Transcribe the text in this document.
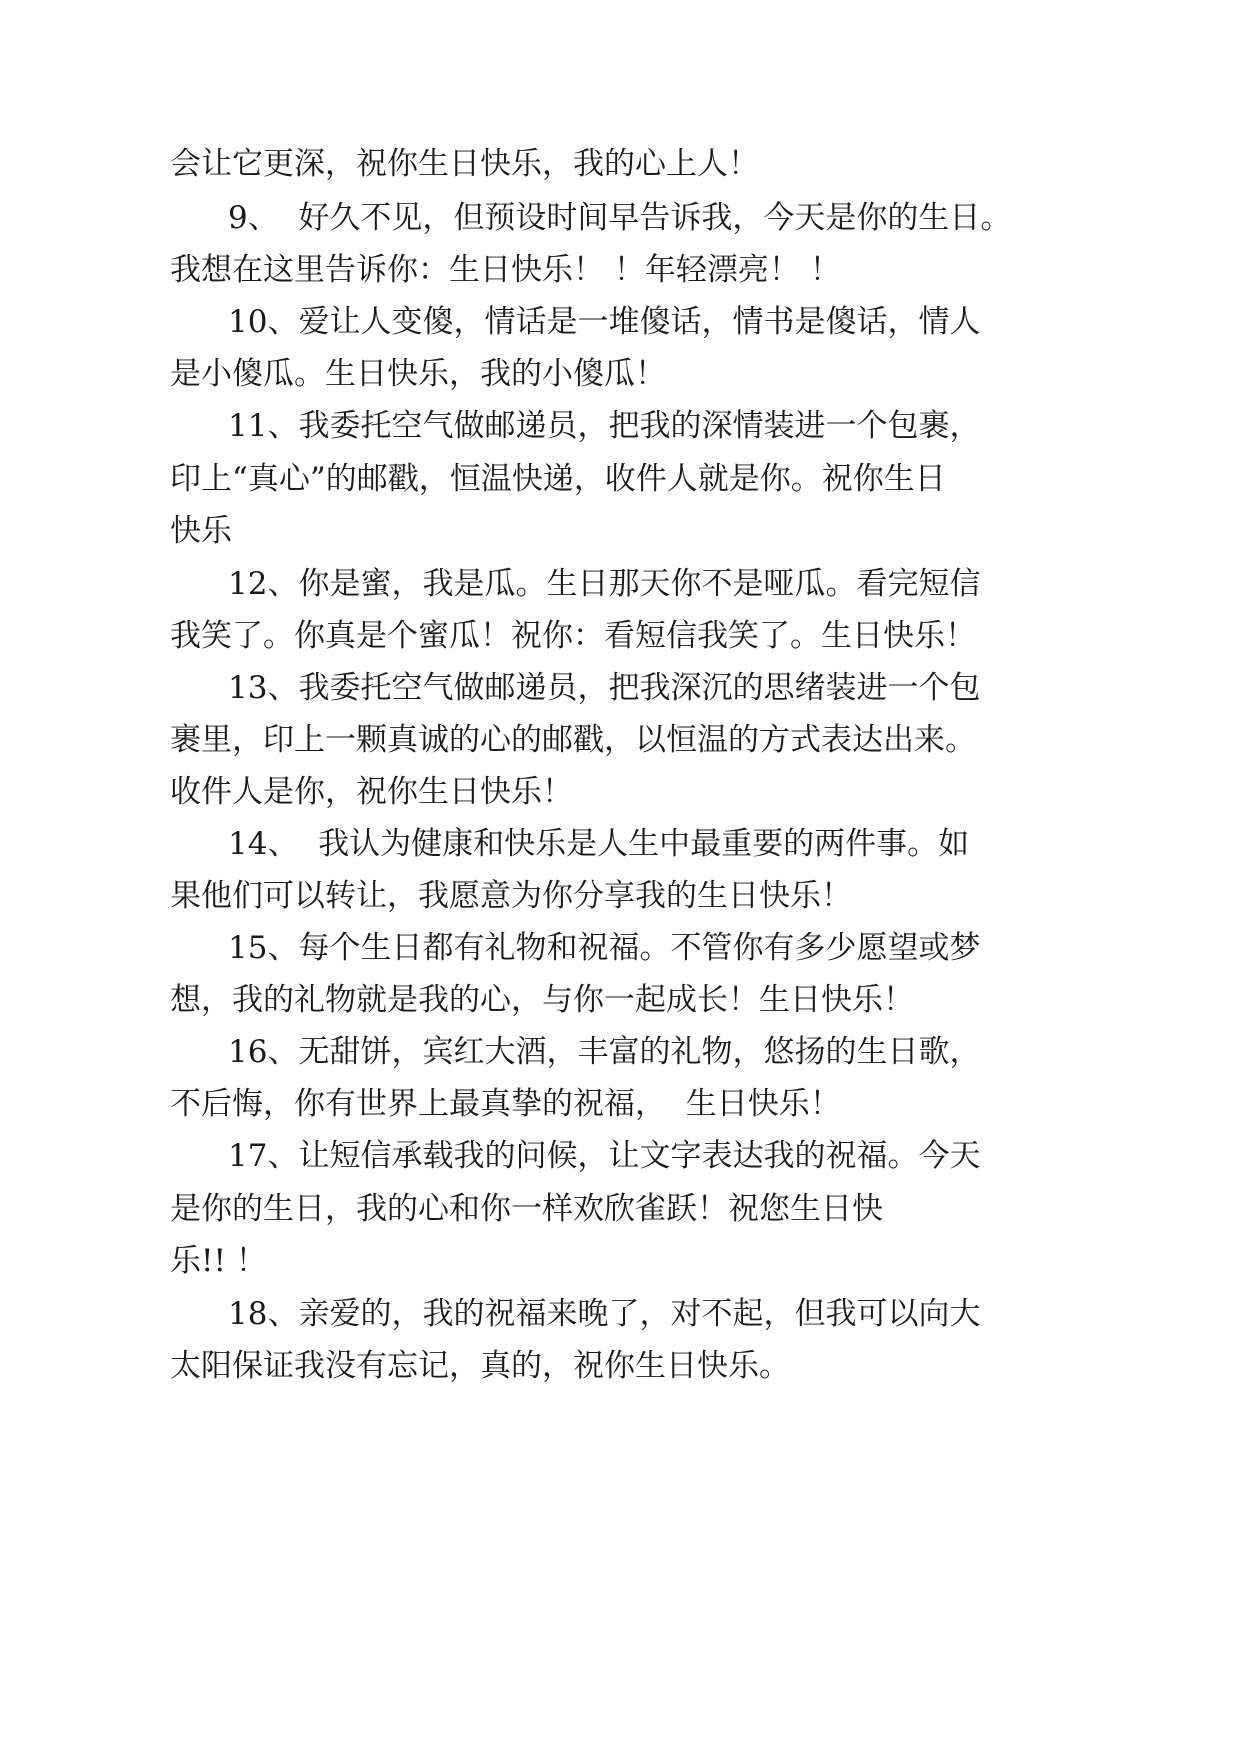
会让它更深，祝你生日快乐，我的心上人！
9、  好久不见，但预设时间早告诉我，今天是你的生日。
我想在这里告诉你：生日快乐！ ！年轻漂亮！ ！
10、爱让人变傻，情话是一堆傻话，情书是傻话，情人
是小傻瓜。生日快乐，我的小傻瓜！
11、我委托空气做邮递员，把我的深情装进一个包裹，
印上“真心”的邮戳，恒温快递，收件人就是你。祝你生日
快乐
12、你是蜜，我是瓜。生日那天你不是哑瓜。看完短信
我笑了。你真是个蜜瓜！祝你：看短信我笑了。生日快乐！
13、我委托空气做邮递员，把我深沉的思绪装进一个包
裹里，印上一颗真诚的心的邮戳，以恒温的方式表达出来。
收件人是你，祝你生日快乐！
14、  我认为健康和快乐是人生中最重要的两件事。如
果他们可以转让，我愿意为你分享我的生日快乐！
15、每个生日都有礼物和祝福。不管你有多少愿望或梦
想，我的礼物就是我的心，与你一起成长！生日快乐！
16、无甜饼，宾红大酒，丰富的礼物，悠扬的生日歌，
不后悔，你有世界上最真挚的祝福，  生日快乐！
17、让短信承载我的问候，让文字表达我的祝福。今天
是你的生日，我的心和你一样欢欣雀跃！祝您生日快
乐!! ！
18、亲爱的，我的祝福来晚了，对不起，但我可以向大
太阳保证我没有忘记，真的，祝你生日快乐。
